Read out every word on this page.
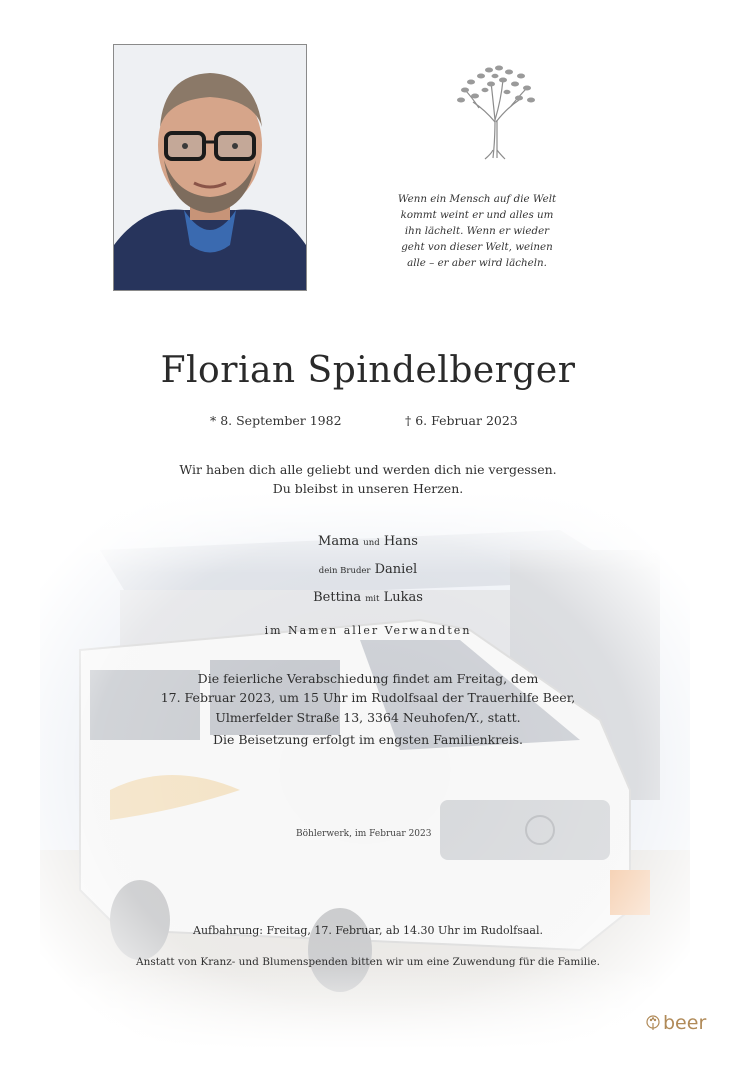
Wenn ein Mensch auf die Welt
kommt weint er und alles um
ihn lächelt. Wenn er wieder
geht von dieser Welt, weinen
alle – er aber wird lächeln.
Florian Spindelberger
* 8. September 1982	† 6. Februar 2023
Wir haben dich alle geliebt und werden dich nie vergessen.
Du bleibst in unseren Herzen.
Mama und Hans
dein Bruder Daniel
Bettina mit Lukas
im Namen aller Verwandten
Die feierliche Verabschiedung findet am Freitag, dem
17. Februar 2023, um 15 Uhr im Rudolfsaal der Trauerhilfe Beer,
Ulmerfelder Straße 13, 3364 Neuhofen/Y., statt.
Die Beisetzung erfolgt im engsten Familienkreis.
Böhlerwerk, im Februar 2023
Aufbahrung: Freitag, 17. Februar, ab 14.30 Uhr im Rudolfsaal.
Anstatt von Kranz- und Blumenspenden bitten wir um eine Zuwendung für die Familie.
beer
